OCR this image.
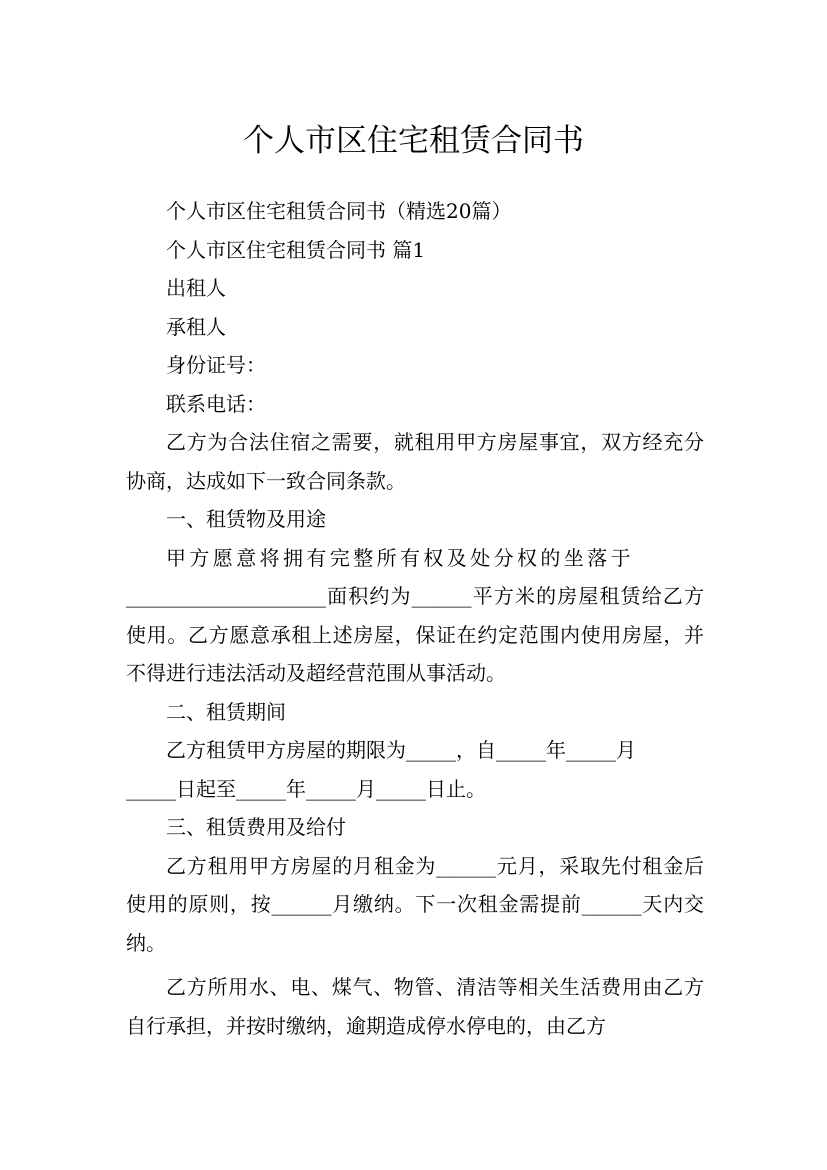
个人市区住宅租赁合同书

个人市区住宅租赁合同书（精选20篇）

个人市区住宅租赁合同书 篇1

出租人

承租人

身份证号：

联系电话：

乙方为合法住宿之需要，就租用甲方房屋事宜，双方经充分协商，达成如下一致合同条款。

一、租赁物及用途

甲方愿意将拥有完整所有权及处分权的坐落于

____________________面积约为______平方米的房屋租赁给乙方使用。乙方愿意承租上述房屋，保证在约定范围内使用房屋，并不得进行违法活动及超经营范围从事活动。

二、租赁期间

乙方租赁甲方房屋的期限为_____，自_____年_____月

_____日起至_____年_____月_____日止。

三、租赁费用及给付

乙方租用甲方房屋的月租金为______元月，采取先付租金后使用的原则，按______月缴纳。下一次租金需提前______天内交纳。

乙方所用水、电、煤气、物管、清洁等相关生活费用由乙方自行承担，并按时缴纳，逾期造成停水停电的，由乙方
